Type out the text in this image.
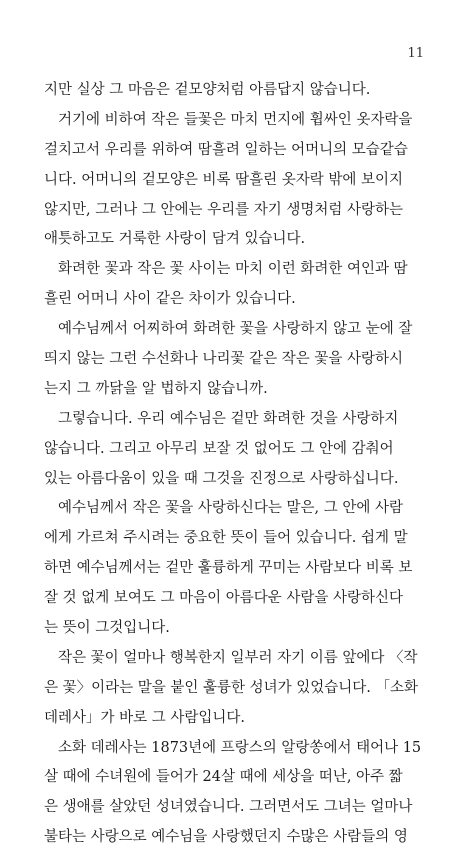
11
지만 실상 그 마음은 겉모양처럼 아름답지 않습니다.
거기에 비하여 작은 들꽃은 마치 먼지에 휩싸인 옷자락을
걸치고서 우리를 위하여 땀흘려 일하는 어머니의 모습같습
니다. 어머니의 겉모양은 비록 땀흘린 옷자락 밖에 보이지
않지만, 그러나 그 안에는 우리를 자기 생명처럼 사랑하는
애틋하고도 거룩한 사랑이 담겨 있습니다.
화려한 꽃과 작은 꽃 사이는 마치 이런 화려한 여인과 땀
흘린 어머니 사이 같은 차이가 있습니다.
예수님께서 어찌하여 화려한 꽃을 사랑하지 않고 눈에 잘
띄지 않는 그런 수선화나 나리꽃 같은 작은 꽃을 사랑하시
는지 그 까닭을 알 법하지 않습니까.
그렇습니다. 우리 예수님은 겉만 화려한 것을 사랑하지
않습니다. 그리고 아무리 보잘 것 없어도 그 안에 감춰어
있는 아름다움이 있을 때 그것을 진정으로 사랑하십니다.
예수님께서 작은 꽃을 사랑하신다는 말은, 그 안에 사람
에게 가르쳐 주시려는 중요한 뜻이 들어 있습니다. 쉽게 말
하면 예수님께서는 겉만 훌륭하게 꾸미는 사람보다 비록 보
잘 것 없게 보여도 그 마음이 아름다운 사람을 사랑하신다
는 뜻이 그것입니다.
작은 꽃이 얼마나 행복한지 일부러 자기 이름 앞에다 〈작
은 꽃〉이라는 말을 붙인 훌륭한 성녀가 있었습니다. 「소화
데레사」가 바로 그 사람입니다.
소화 데레사는 1873년에 프랑스의 알랑쏭에서 태어나 15
살 때에 수녀원에 들어가 24살 때에 세상을 떠난, 아주 짧
은 생애를 살았던 성녀였습니다. 그러면서도 그녀는 얼마나
불타는 사랑으로 예수님을 사랑했던지 수많은 사람들의 영
